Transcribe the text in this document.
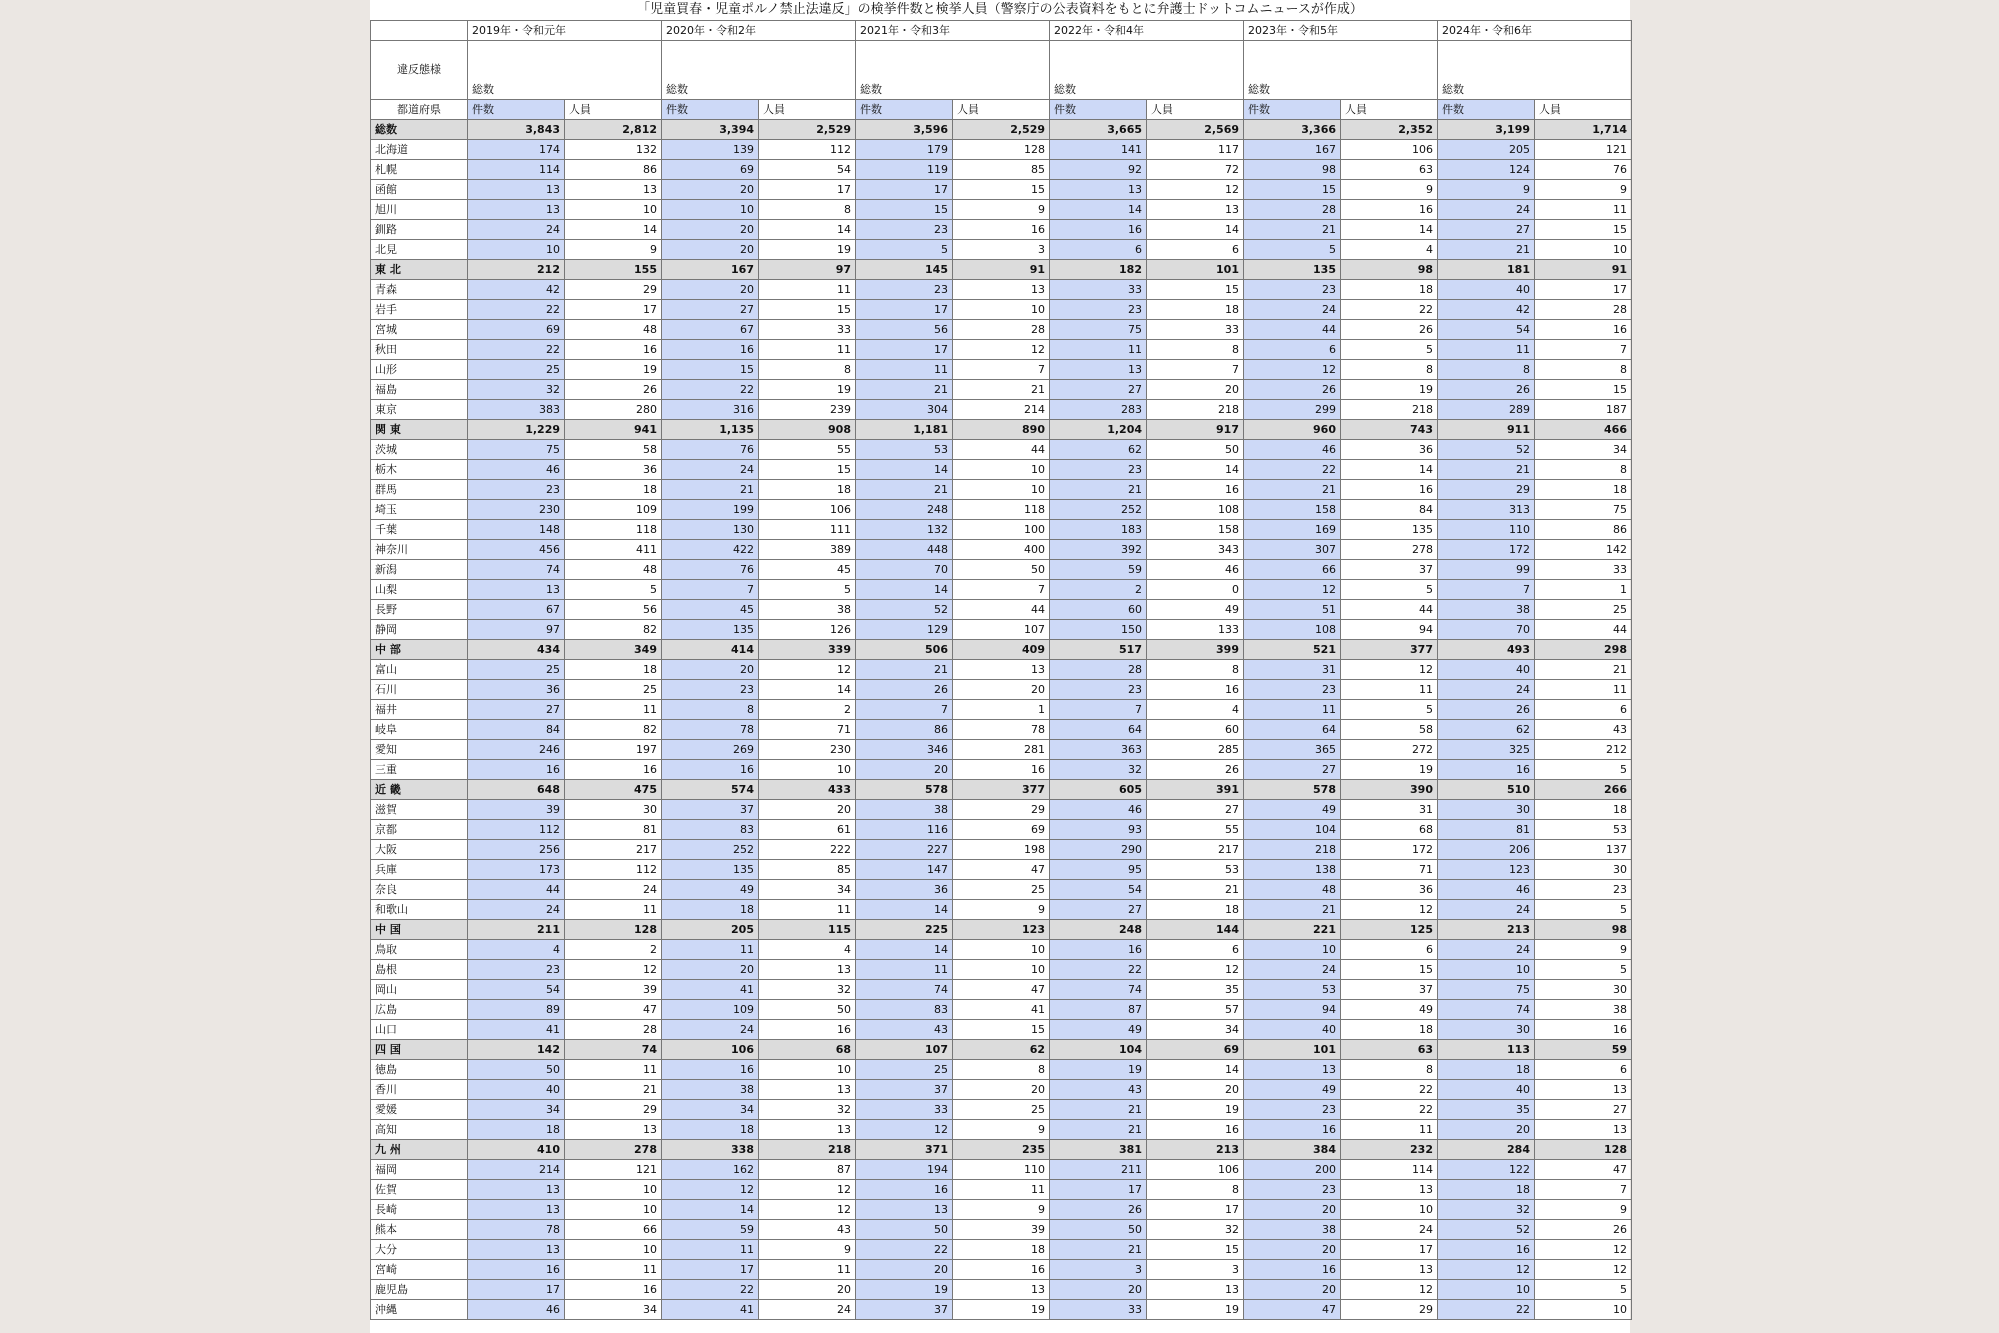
「児童買春・児童ポルノ禁止法違反」の検挙件数と検挙人員（警察庁の公表資料をもとに弁護士ドットコムニュースが作成）
	2019年・令和元年		2020年・令和2年		2021年・令和3年		2022年・令和4年		2023年・令和5年		2024年・令和6年	
違反態様	総数		総数		総数		総数		総数		総数	
都道府県	件数	人員	件数	人員	件数	人員	件数	人員	件数	人員	件数	人員
総数	3,843	2,812	3,394	2,529	3,596	2,529	3,665	2,569	3,366	2,352	3,199	1,714
北海道	174	132	139	112	179	128	141	117	167	106	205	121
札幌	114	86	69	54	119	85	92	72	98	63	124	76
函館	13	13	20	17	17	15	13	12	15	9	9	9
旭川	13	10	10	8	15	9	14	13	28	16	24	11
釧路	24	14	20	14	23	16	16	14	21	14	27	15
北見	10	9	20	19	5	3	6	6	5	4	21	10
東 北	212	155	167	97	145	91	182	101	135	98	181	91
青森	42	29	20	11	23	13	33	15	23	18	40	17
岩手	22	17	27	15	17	10	23	18	24	22	42	28
宮城	69	48	67	33	56	28	75	33	44	26	54	16
秋田	22	16	16	11	17	12	11	8	6	5	11	7
山形	25	19	15	8	11	7	13	7	12	8	8	8
福島	32	26	22	19	21	21	27	20	26	19	26	15
東京	383	280	316	239	304	214	283	218	299	218	289	187
関 東	1,229	941	1,135	908	1,181	890	1,204	917	960	743	911	466
茨城	75	58	76	55	53	44	62	50	46	36	52	34
栃木	46	36	24	15	14	10	23	14	22	14	21	8
群馬	23	18	21	18	21	10	21	16	21	16	29	18
埼玉	230	109	199	106	248	118	252	108	158	84	313	75
千葉	148	118	130	111	132	100	183	158	169	135	110	86
神奈川	456	411	422	389	448	400	392	343	307	278	172	142
新潟	74	48	76	45	70	50	59	46	66	37	99	33
山梨	13	5	7	5	14	7	2	0	12	5	7	1
長野	67	56	45	38	52	44	60	49	51	44	38	25
静岡	97	82	135	126	129	107	150	133	108	94	70	44
中 部	434	349	414	339	506	409	517	399	521	377	493	298
富山	25	18	20	12	21	13	28	8	31	12	40	21
石川	36	25	23	14	26	20	23	16	23	11	24	11
福井	27	11	8	2	7	1	7	4	11	5	26	6
岐阜	84	82	78	71	86	78	64	60	64	58	62	43
愛知	246	197	269	230	346	281	363	285	365	272	325	212
三重	16	16	16	10	20	16	32	26	27	19	16	5
近 畿	648	475	574	433	578	377	605	391	578	390	510	266
滋賀	39	30	37	20	38	29	46	27	49	31	30	18
京都	112	81	83	61	116	69	93	55	104	68	81	53
大阪	256	217	252	222	227	198	290	217	218	172	206	137
兵庫	173	112	135	85	147	47	95	53	138	71	123	30
奈良	44	24	49	34	36	25	54	21	48	36	46	23
和歌山	24	11	18	11	14	9	27	18	21	12	24	5
中 国	211	128	205	115	225	123	248	144	221	125	213	98
鳥取	4	2	11	4	14	10	16	6	10	6	24	9
島根	23	12	20	13	11	10	22	12	24	15	10	5
岡山	54	39	41	32	74	47	74	35	53	37	75	30
広島	89	47	109	50	83	41	87	57	94	49	74	38
山口	41	28	24	16	43	15	49	34	40	18	30	16
四 国	142	74	106	68	107	62	104	69	101	63	113	59
徳島	50	11	16	10	25	8	19	14	13	8	18	6
香川	40	21	38	13	37	20	43	20	49	22	40	13
愛媛	34	29	34	32	33	25	21	19	23	22	35	27
高知	18	13	18	13	12	9	21	16	16	11	20	13
九 州	410	278	338	218	371	235	381	213	384	232	284	128
福岡	214	121	162	87	194	110	211	106	200	114	122	47
佐賀	13	10	12	12	16	11	17	8	23	13	18	7
長崎	13	10	14	12	13	9	26	17	20	10	32	9
熊本	78	66	59	43	50	39	50	32	38	24	52	26
大分	13	10	11	9	22	18	21	15	20	17	16	12
宮崎	16	11	17	11	20	16	3	3	16	13	12	12
鹿児島	17	16	22	20	19	13	20	13	20	12	10	5
沖縄	46	34	41	24	37	19	33	19	47	29	22	10
